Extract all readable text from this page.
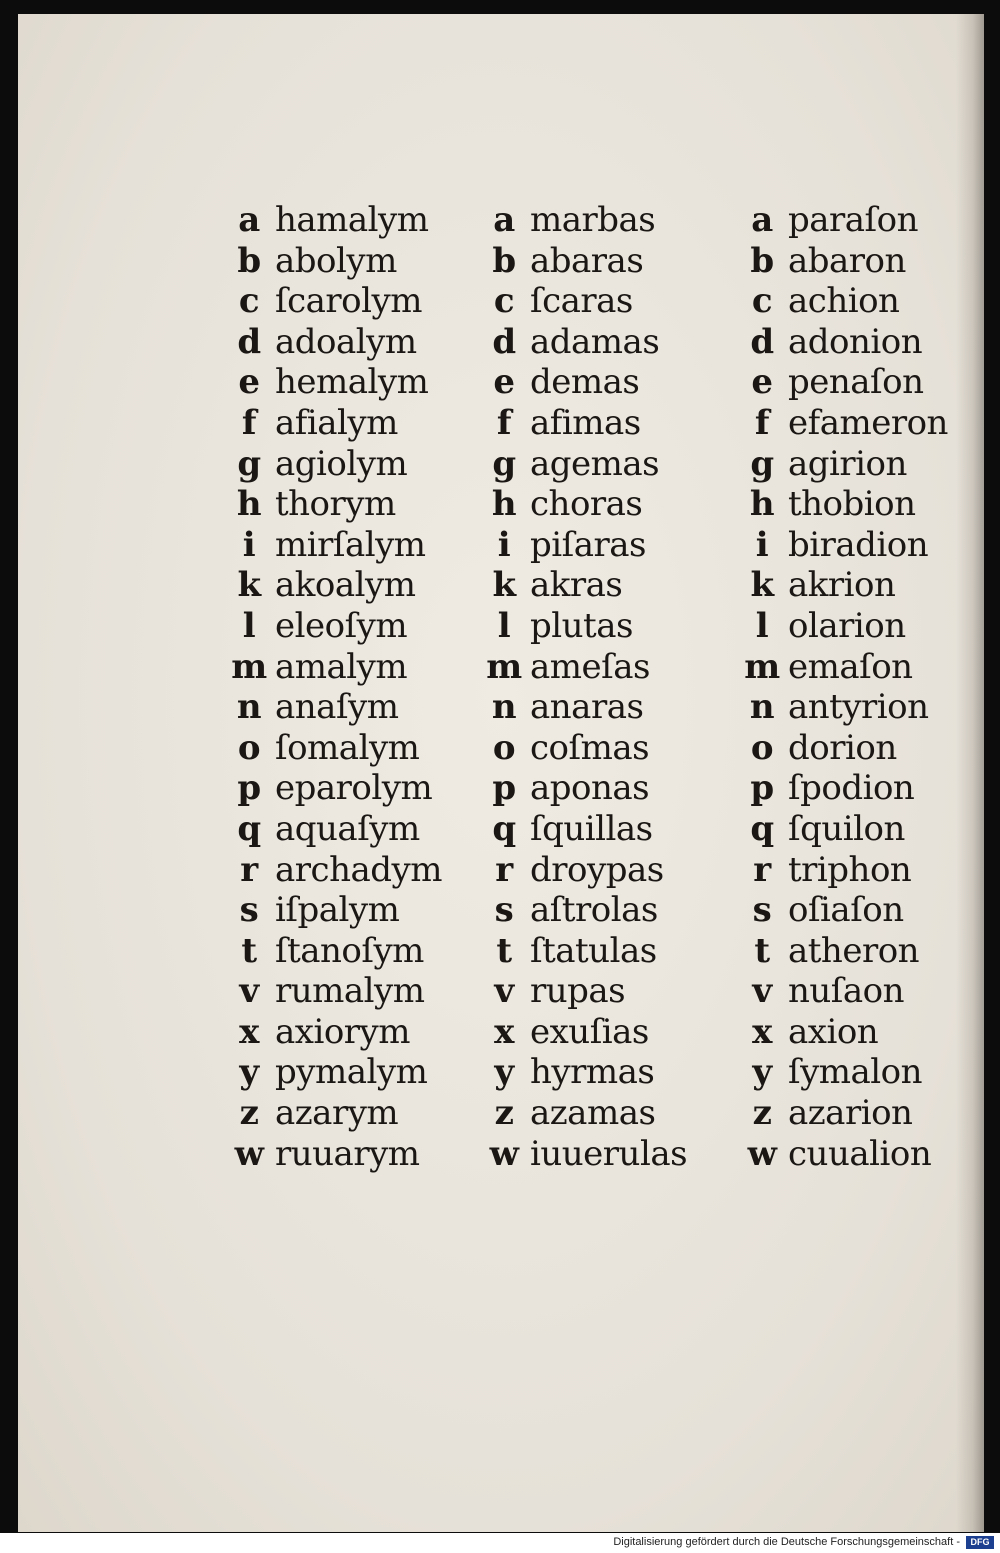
a hamalym
b abolym
c ſcarolym
d adoalym
e hemalym
f afialym
g agiolym
h thorym
i mirſalym
k akoalym
l eleoſym
m amalym
n anaſym
o ſomalym
p eparolym
q aquaſym
r archadym
s iſpalym
t ſtanoſym
v rumalym
x axiorym
y pymalym
z azarym
w ruuarym
a marbas
b abaras
c ſcaras
d adamas
e demas
f afimas
g agemas
h choras
i piſaras
k akras
l plutas
m ameſas
n anaras
o coſmas
p aponas
q ſquillas
r droypas
s aſtrolas
t ſtatulas
v rupas
x exuſias
y hyrmas
z azamas
w iuuerulas
a paraſon
b abaron
c achion
d adonion
e penaſon
f efameron
g agirion
h thobion
i biradion
k akrion
l olarion
m emaſon
n antyrion
o dorion
p ſpodion
q ſquilon
r triphon
s oſiaſon
t atheron
v nuſaon
x axion
y ſymalon
z azarion
w cuualion
Digitalisierung gefördert durch die Deutsche Forschungsgemeinschaft -	DFG
